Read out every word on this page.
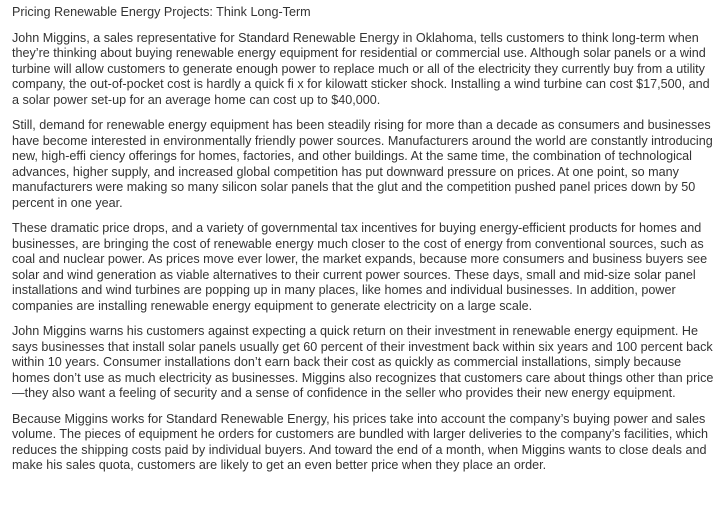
Pricing Renewable Energy Projects: Think Long-Term

John Miggins, a sales representative for Standard Renewable Energy in Oklahoma, tells customers to think long-term when they’re thinking about buying renewable energy equipment for residential or commercial use. Although solar panels or a wind turbine will allow customers to generate enough power to replace much or all of the electricity they currently buy from a utility company, the out-of-pocket cost is hardly a quick fi x for kilowatt sticker shock. Installing a wind turbine can cost $17,500, and a solar power set-up for an average home can cost up to $40,000.

Still, demand for renewable energy equipment has been steadily rising for more than a decade as consumers and businesses have become interested in environmentally friendly power sources. Manufacturers around the world are constantly introducing new, high-effi ciency offerings for homes, factories, and other buildings. At the same time, the combination of technological advances, higher supply, and increased global competition has put downward pressure on prices. At one point, so many manufacturers were making so many silicon solar panels that the glut and the competition pushed panel prices down by 50 percent in one year.

These dramatic price drops, and a variety of governmental tax incentives for buying energy-efficient products for homes and businesses, are bringing the cost of renewable energy much closer to the cost of energy from conventional sources, such as coal and nuclear power. As prices move ever lower, the market expands, because more consumers and business buyers see solar and wind generation as viable alternatives to their current power sources. These days, small and mid-size solar panel installations and wind turbines are popping up in many places, like homes and individual businesses. In addition, power companies are installing renewable energy equipment to generate electricity on a large scale.

John Miggins warns his customers against expecting a quick return on their investment in renewable energy equipment. He says businesses that install solar panels usually get 60 percent of their investment back within six years and 100 percent back within 10 years. Consumer installations don’t earn back their cost as quickly as commercial installations, simply because homes don’t use as much electricity as businesses. Miggins also recognizes that customers care about things other than price—they also want a feeling of security and a sense of confidence in the seller who provides their new energy equipment.

Because Miggins works for Standard Renewable Energy, his prices take into account the company’s buying power and sales volume. The pieces of equipment he orders for customers are bundled with larger deliveries to the company’s facilities, which reduces the shipping costs paid by individual buyers. And toward the end of a month, when Miggins wants to close deals and make his sales quota, customers are likely to get an even better price when they place an order.
